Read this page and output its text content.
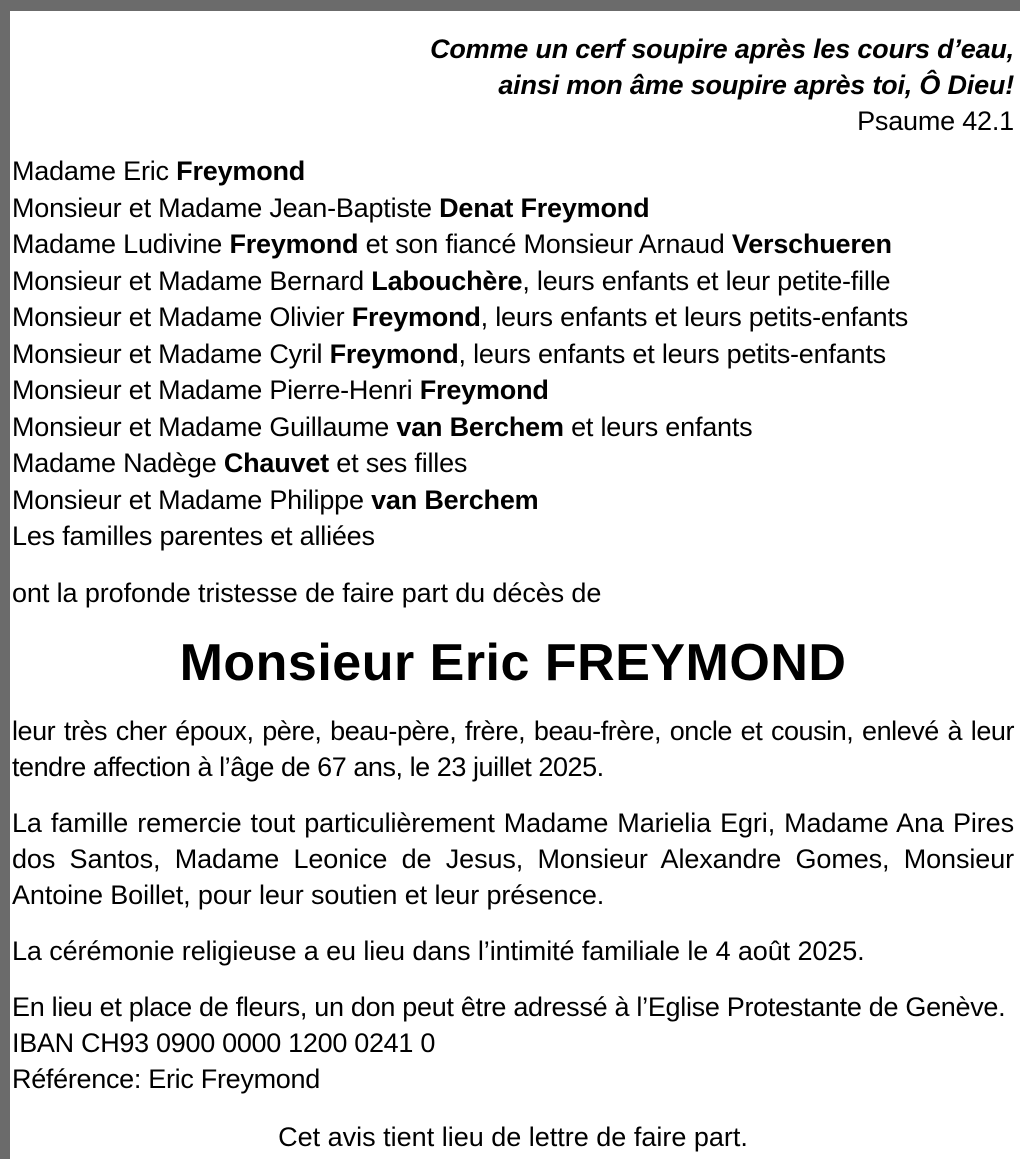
Comme un cerf soupire après les cours d’eau,
ainsi mon âme soupire après toi, Ô Dieu!
Psaume 42.1
Madame Eric Freymond
Monsieur et Madame Jean-Baptiste Denat Freymond
Madame Ludivine Freymond et son fiancé Monsieur Arnaud Verschueren
Monsieur et Madame Bernard Labouchère, leurs enfants et leur petite-fille
Monsieur et Madame Olivier Freymond, leurs enfants et leurs petits-enfants
Monsieur et Madame Cyril Freymond, leurs enfants et leurs petits-enfants
Monsieur et Madame Pierre-Henri Freymond
Monsieur et Madame Guillaume van Berchem et leurs enfants
Madame Nadège Chauvet et ses filles
Monsieur et Madame Philippe van Berchem
Les familles parentes et alliées
ont la profonde tristesse de faire part du décès de
Monsieur Eric FREYMOND
leur très cher époux, père, beau-père, frère, beau-frère, oncle et cousin, enlevé à leur tendre affection à l’âge de 67 ans, le 23 juillet 2025.
La famille remercie tout particulièrement Madame Marielia Egri, Madame Ana Pires dos Santos, Madame Leonice de Jesus, Monsieur Alexandre Gomes, Monsieur Antoine Boillet, pour leur soutien et leur présence.
La cérémonie religieuse a eu lieu dans l’intimité familiale le 4 août 2025.
En lieu et place de fleurs, un don peut être adressé à l’Eglise Protestante de Genève.
IBAN CH93 0900 0000 1200 0241 0
Référence: Eric Freymond
Cet avis tient lieu de lettre de faire part.
